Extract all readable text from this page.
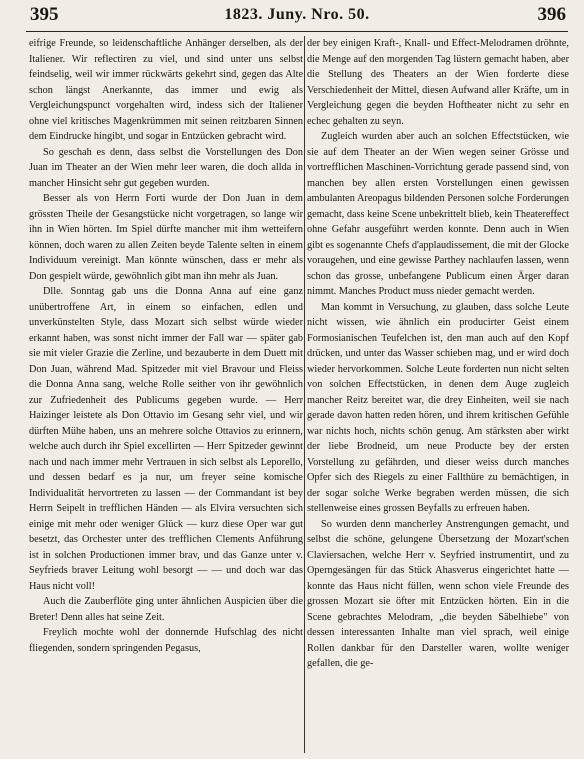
395	1823. Juny. Nro. 50.	396

eifrige Freunde, so leidenschaftliche Anhänger derselben, als der Italiener. Wir reflectiren zu viel, und sind unter uns selbst feindselig, weil wir immer rückwärts gekehrt sind, gegen das Alte schon längst Anerkannte, das immer und ewig als Vergleichungspunct vorgehalten wird, indess sich der Italiener ohne viel kritisches Magenkrümmen mit seinen reitzbaren Sinnen dem Eindrucke hingibt, und sogar in Entzücken gebracht wird.

So geschah es denn, dass selbst die Vorstellungen des Don Juan im Theater an der Wien mehr leer waren, die doch allda in mancher Hinsicht sehr gut gegeben wurden.

Besser als von Herrn Forti wurde der Don Juan in dem grössten Theile der Gesangstücke nicht vorgetragen, so lange wir ihn in Wien hörten. Im Spiel dürfte mancher mit ihm wetteifern können, doch waren zu allen Zeiten beyde Talente selten in einem Individuum vereinigt. Man könnte wünschen, dass er mehr als Don gespielt würde, gewöhnlich gibt man ihn mehr als Juan.

Dlle. Sonntag gab uns die Donna Anna auf eine ganz unübertroffene Art, in einem so einfachen, edlen und unverkünstelten Style, dass Mozart sich selbst würde wieder erkannt haben, was sonst nicht immer der Fall war — später gab sie mit vieler Grazie die Zerline, und bezauberte in dem Duett mit Don Juan, während Mad. Spitzeder mit viel Bravour und Fleiss die Donna Anna sang, welche Rolle seither von ihr gewöhnlich zur Zufriedenheit des Publicums gegeben wurde. — Herr Haizinger leistete als Don Ottavio im Gesang sehr viel, und wir dürften Mühe haben, uns an mehrere solche Ottavios zu erinnern, welche auch durch ihr Spiel excellirten — Herr Spitzeder gewinnt nach und nach immer mehr Vertrauen in sich selbst als Leporello, und dessen bedarf es ja nur, um freyer seine komische Individualität hervortreten zu lassen — der Commandant ist bey Herrn Seipelt in trefflichen Händen — als Elvira versuchten sich einige mit mehr oder weniger Glück — kurz diese Oper war gut besetzt, das Orchester unter des trefflichen Clements Anführung ist in solchen Productionen immer brav, und das Ganze unter v. Seyfrieds braver Leitung wohl besorgt — — und doch war das Haus nicht voll!

Auch die Zauberflöte ging unter ähnlichen Auspicien über die Breter! Denn alles hat seine Zeit.

Freylich mochte wohl der donnernde Hufschlag des nicht fliegenden, sondern springenden Pegasus,

der bey einigen Kraft-, Knall- und Effect-Melodramen dröhnte, die Menge auf den morgenden Tag lüstern gemacht haben, aber die Stellung des Theaters an der Wien forderte diese Verschiedenheit der Mittel, diesen Aufwand aller Kräfte, um in Vergleichung gegen die beyden Hoftheater nicht zu sehr en echec gehalten zu seyn.

Zugleich wurden aber auch an solchen Effectstücken, wie sie auf dem Theater an der Wien wegen seiner Grösse und vortrefflichen Maschinen-Vorrichtung gerade passend sind, von manchen bey allen ersten Vorstellungen einen gewissen ambulanten Areopagus bildenden Personen solche Forderungen gemacht, dass keine Scene unbekrittelt blieb, kein Theatereffect ohne Gefahr ausgeführt werden konnte. Denn auch in Wien gibt es sogenannte Chefs d'applaudissement, die mit der Glocke voraugehen, und eine gewisse Parthey nachlaufen lassen, wenn schon das grosse, unbefangene Publicum einen Ärger daran nimmt. Manches Product muss nieder gemacht werden.

Man kommt in Versuchung, zu glauben, dass solche Leute nicht wissen, wie ähnlich ein producirter Geist einem Formosianischen Teufelchen ist, den man auch auf den Kopf drücken, und unter das Wasser schieben mag, und er wird doch wieder hervorkommen. Solche Leute forderten nun nicht selten von solchen Effectstücken, in denen dem Auge zugleich mancher Reitz bereitet war, die drey Einheiten, weil sie nach gerade davon hatten reden hören, und ihrem kritischen Gefühle war nichts hoch, nichts schön genug. Am stärksten aber wirkt der liebe Brodneid, um neue Producte bey der ersten Vorstellung zu gefährden, und dieser weiss durch manches Opfer sich des Riegels zu einer Fallthüre zu bemächtigen, in der sogar solche Werke begraben werden müssen, die sich stellenweise eines grossen Beyfalls zu erfreuen haben.

So wurden denn mancherley Anstrengungen gemacht, und selbst die schöne, gelungene Übersetzung der Mozart'schen Claviersachen, welche Herr v. Seyfried instrumentirt, und zu Operngesängen für das Stück Ahasverus eingerichtet hatte — konnte das Haus nicht füllen, wenn schon viele Freunde des grossen Mozart sie öfter mit Entzücken hörten. Ein in die Scene gebrachtes Melodram, „die beyden Säbelhiebe" von dessen interessanten Inhalte man viel sprach, weil einige Rollen dankbar für den Darsteller waren, wollte weniger gefallen, die ge-
